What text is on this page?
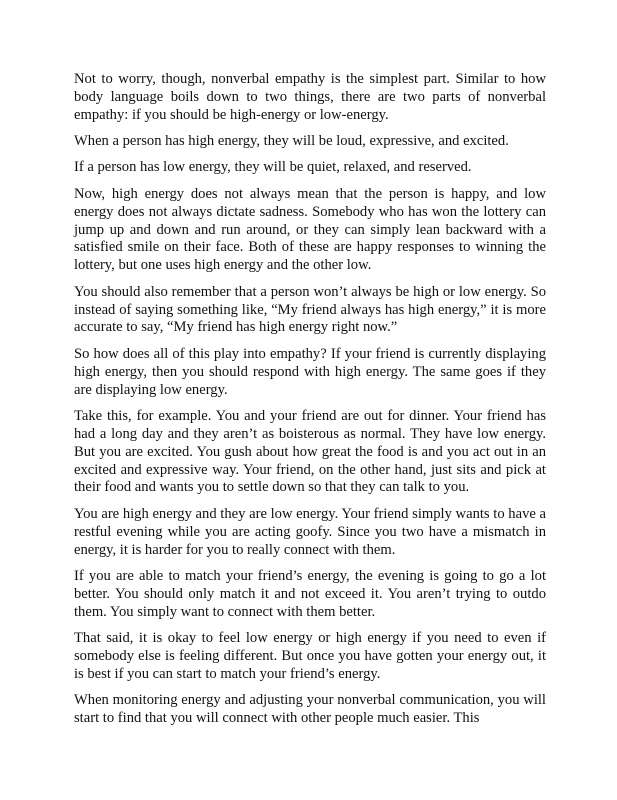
Not to worry, though, nonverbal empathy is the simplest part. Similar to how body language boils down to two things, there are two parts of nonverbal empathy: if you should be high-energy or low-energy.

When a person has high energy, they will be loud, expressive, and excited.

If a person has low energy, they will be quiet, relaxed, and reserved.

Now, high energy does not always mean that the person is happy, and low energy does not always dictate sadness. Somebody who has won the lottery can jump up and down and run around, or they can simply lean backward with a satisfied smile on their face. Both of these are happy responses to winning the lottery, but one uses high energy and the other low.

You should also remember that a person won’t always be high or low energy. So instead of saying something like, “My friend always has high energy,” it is more accurate to say, “My friend has high energy right now.”

So how does all of this play into empathy? If your friend is currently displaying high energy, then you should respond with high energy. The same goes if they are displaying low energy.

Take this, for example. You and your friend are out for dinner. Your friend has had a long day and they aren’t as boisterous as normal. They have low energy. But you are excited. You gush about how great the food is and you act out in an excited and expressive way. Your friend, on the other hand, just sits and pick at their food and wants you to settle down so that they can talk to you.

You are high energy and they are low energy. Your friend simply wants to have a restful evening while you are acting goofy. Since you two have a mismatch in energy, it is harder for you to really connect with them.

If you are able to match your friend’s energy, the evening is going to go a lot better. You should only match it and not exceed it. You aren’t trying to outdo them. You simply want to connect with them better.

That said, it is okay to feel low energy or high energy if you need to even if somebody else is feeling different. But once you have gotten your energy out, it is best if you can start to match your friend’s energy.

When monitoring energy and adjusting your nonverbal communication, you will start to find that you will connect with other people much easier. This
